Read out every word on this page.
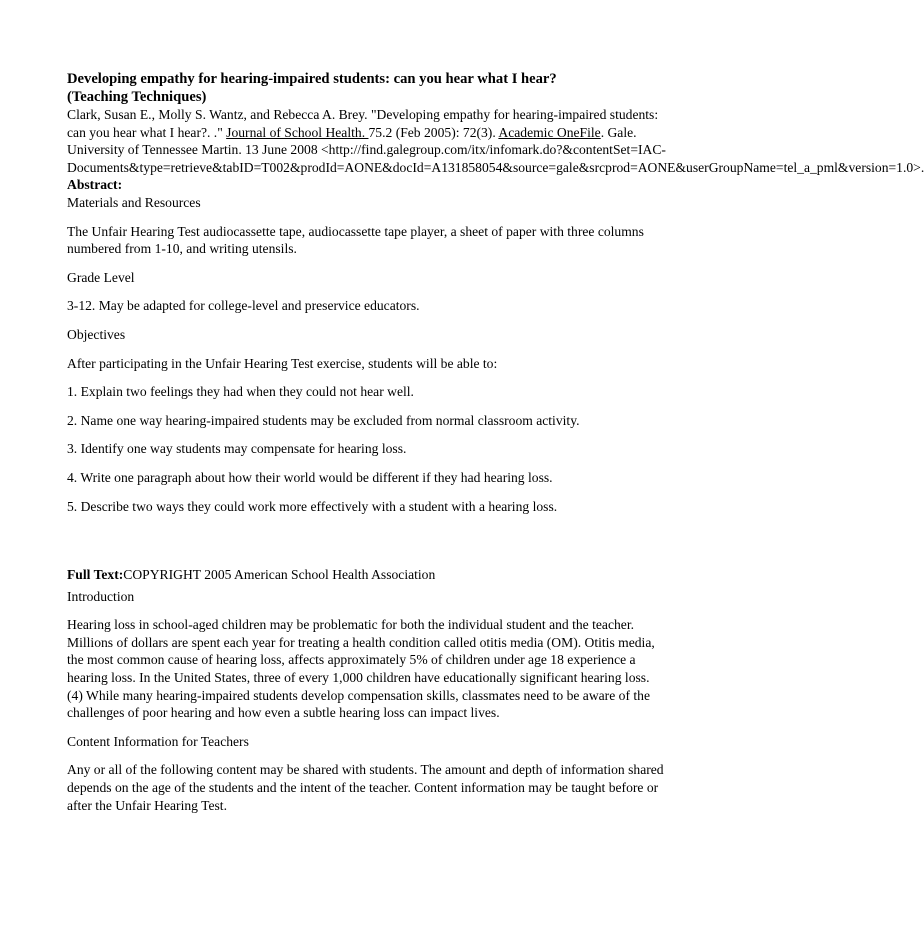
Developing empathy for hearing-impaired students: can you hear what I hear?
(Teaching Techniques)

Clark, Susan E., Molly S. Wantz, and Rebecca A. Brey. "Developing empathy for hearing-impaired students: can you hear what I hear?. ." Journal of School Health. 75.2 (Feb 2005): 72(3). Academic OneFile. Gale. University of Tennessee Martin. 13 June 2008 <http://find.galegroup.com/itx/infomark.do?&contentSet=IAC-Documents&type=retrieve&tabID=T002&prodId=AONE&docId=A131858054&source=gale&srcprod=AONE&userGroupName=tel_a_pml&version=1.0>.

Abstract:

Materials and Resources

The Unfair Hearing Test audiocassette tape, audiocassette tape player, a sheet of paper with three columns numbered from 1-10, and writing utensils.

Grade Level

3-12. May be adapted for college-level and preservice educators.

Objectives

After participating in the Unfair Hearing Test exercise, students will be able to:

1. Explain two feelings they had when they could not hear well.

2. Name one way hearing-impaired students may be excluded from normal classroom activity.

3. Identify one way students may compensate for hearing loss.

4. Write one paragraph about how their world would be different if they had hearing loss.

5. Describe two ways they could work more effectively with a student with a hearing loss.

Full Text:COPYRIGHT 2005 American School Health Association

Introduction

Hearing loss in school-aged children may be problematic for both the individual student and the teacher. Millions of dollars are spent each year for treating a health condition called otitis media (OM). Otitis media, the most common cause of hearing loss, affects approximately 5% of children under age 18 experience a hearing loss. In the United States, three of every 1,000 children have educationally significant hearing loss. (4) While many hearing-impaired students develop compensation skills, classmates need to be aware of the challenges of poor hearing and how even a subtle hearing loss can impact lives.

Content Information for Teachers

Any or all of the following content may be shared with students. The amount and depth of information shared depends on the age of the students and the intent of the teacher. Content information may be taught before or after the Unfair Hearing Test.
